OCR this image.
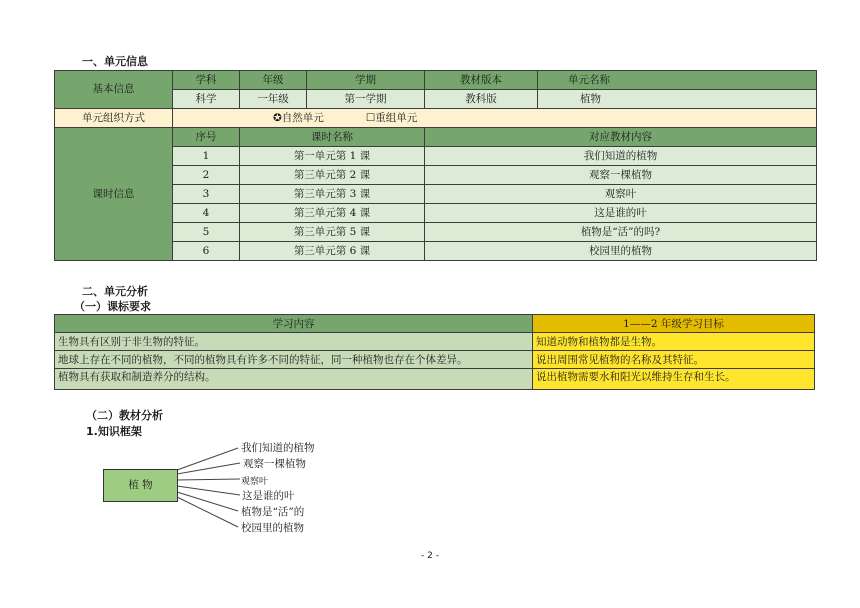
一、单元信息
基本信息	学科	年级	学期	教材版本	单元名称
	科学	一年级	第一学期	教科版	植物
单元组织方式	✪自然单元 ☐重组单元				
课时信息	序号	课时名称		对应教材内容	
	1	第一单元第 1 课		我们知道的植物	
	2	第三单元第 2 课		观察一棵植物	
	3	第三单元第 3 课		观察叶	
	4	第三单元第 4 课		这是谁的叶	
	5	第三单元第 5 课		植物是“活”的吗?	
	6	第三单元第 6 课		校园里的植物	
二、单元分析
（一）课标要求
学习内容	1——2 年级学习目标
生物具有区别于非生物的特征。	知道动物和植物都是生物。
地球上存在不同的植物，不同的植物具有许多不同的特征，同一种植物也存在个体差异。	说出周围常见植物的名称及其特征。
植物具有获取和制造养分的结构。	说出植物需要水和阳光以维持生存和生长。
（二）教材分析
1.知识框架
植 物
我们知道的植物
观察一棵植物
观察叶
这是谁的叶
植物是“活”的
校园里的植物
- 2 -
